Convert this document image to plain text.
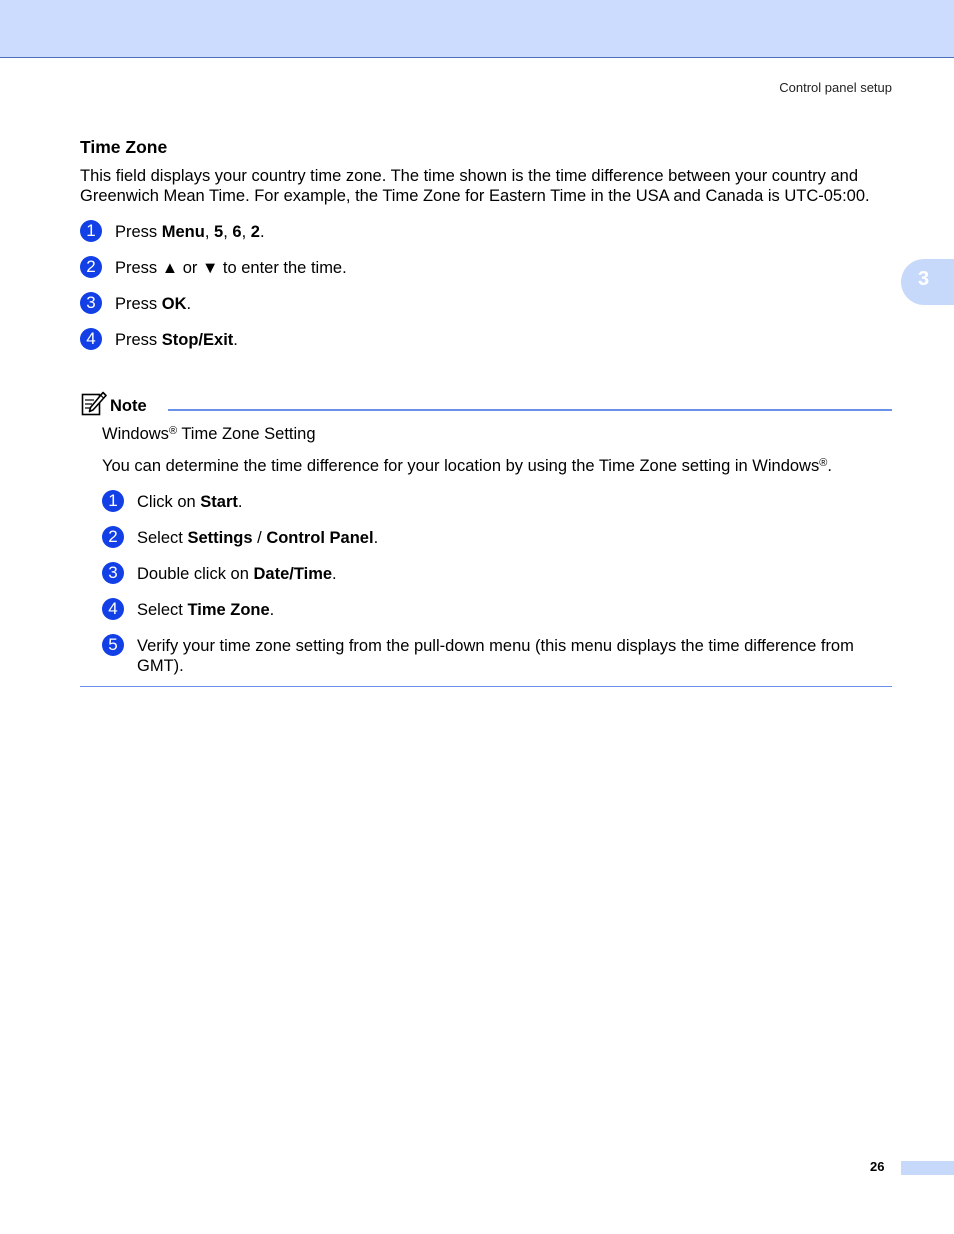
Control panel setup
3
Time Zone
This field displays your country time zone. The time shown is the time difference between your country and Greenwich Mean Time. For example, the Time Zone for Eastern Time in the USA and Canada is UTC-05:00.
1	Press Menu, 5, 6, 2.
2	Press ▲ or ▼ to enter the time.
3	Press OK.
4	Press Stop/Exit.
Note
Windows® Time Zone Setting
You can determine the time difference for your location by using the Time Zone setting in Windows®.
1	Click on Start.
2	Select Settings / Control Panel.
3	Double click on Date/Time.
4	Select Time Zone.
5	Verify your time zone setting from the pull-down menu (this menu displays the time difference from GMT).
26
